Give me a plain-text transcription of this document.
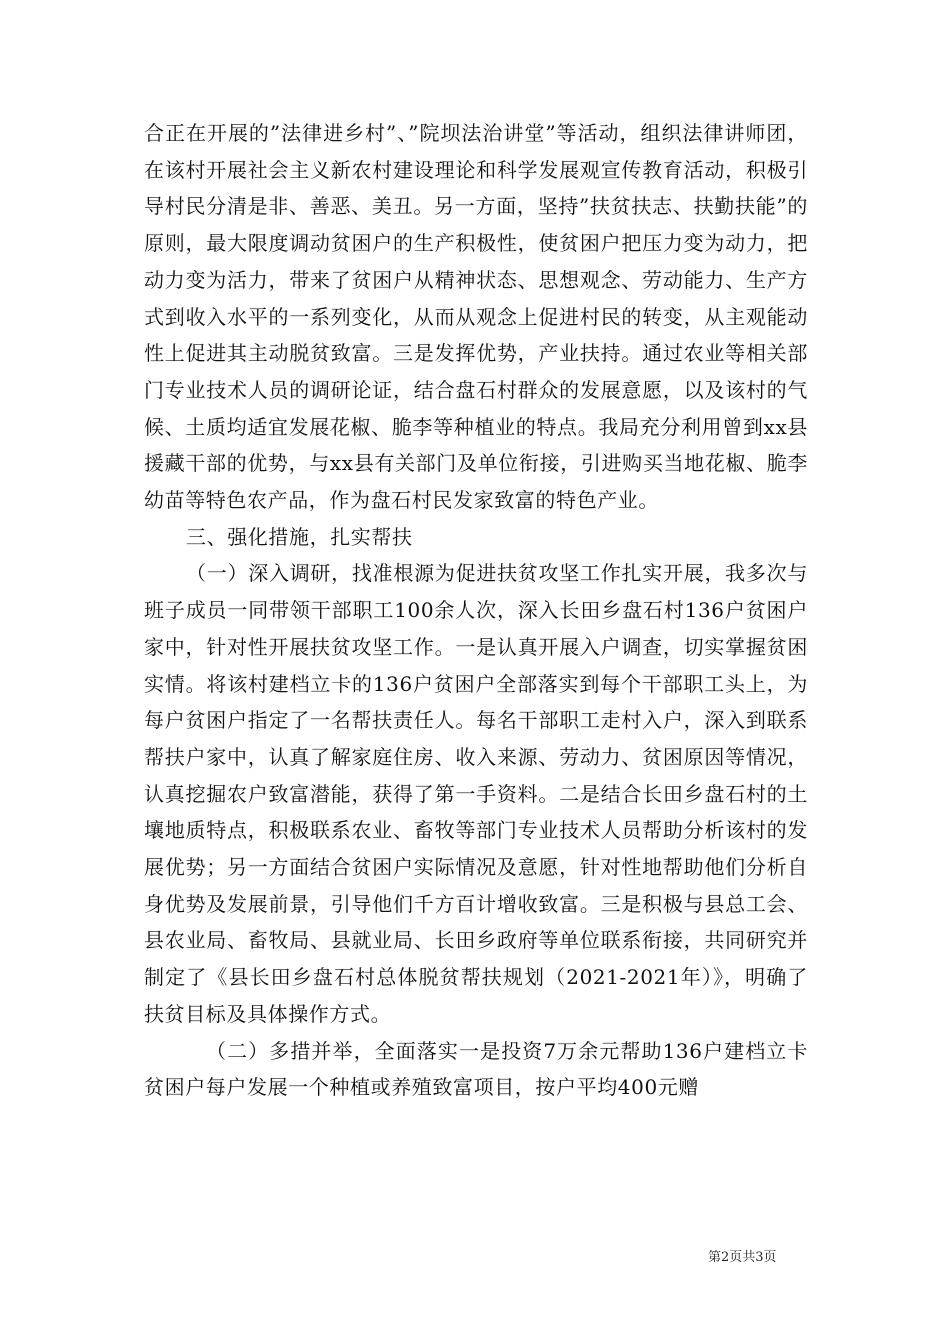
合正在开展的”法律进乡村”、”院坝法治讲堂”等活动，组织法律讲师团，在该村开展社会主义新农村建设理论和科学发展观宣传教育活动，积极引导村民分清是非、善恶、美丑。另一方面，坚持”扶贫扶志、扶勤扶能”的原则，最大限度调动贫困户的生产积极性，使贫困户把压力变为动力，把动力变为活力，带来了贫困户从精神状态、思想观念、劳动能力、生产方式到收入水平的一系列变化，从而从观念上促进村民的转变，从主观能动性上促进其主动脱贫致富。三是发挥优势，产业扶持。通过农业等相关部门专业技术人员的调研论证，结合盘石村群众的发展意愿，以及该村的气候、土质均适宜发展花椒、脆李等种植业的特点。我局充分利用曾到xx县援藏干部的优势，与xx县有关部门及单位衔接，引进购买当地花椒、脆李幼苗等特色农产品，作为盘石村民发家致富的特色产业。

三、强化措施，扎实帮扶

（一）深入调研，找准根源为促进扶贫攻坚工作扎实开展，我多次与班子成员一同带领干部职工100余人次，深入长田乡盘石村136户贫困户家中，针对性开展扶贫攻坚工作。一是认真开展入户调查，切实掌握贫困实情。将该村建档立卡的136户贫困户全部落实到每个干部职工头上，为每户贫困户指定了一名帮扶责任人。每名干部职工走村入户，深入到联系帮扶户家中，认真了解家庭住房、收入来源、劳动力、贫困原因等情况，认真挖掘农户致富潜能，获得了第一手资料。二是结合长田乡盘石村的土壤地质特点，积极联系农业、畜牧等部门专业技术人员帮助分析该村的发展优势；另一方面结合贫困户实际情况及意愿，针对性地帮助他们分析自身优势及发展前景，引导他们千方百计增收致富。三是积极与县总工会、县农业局、畜牧局、县就业局、长田乡政府等单位联系衔接，共同研究并制定了《县长田乡盘石村总体脱贫帮扶规划（2021-2021年）》，明确了扶贫目标及具体操作方式。

（二）多措并举，全面落实一是投资7万余元帮助136户建档立卡贫困户每户发展一个种植或养殖致富项目，按户平均400元赠

第2页共3页
